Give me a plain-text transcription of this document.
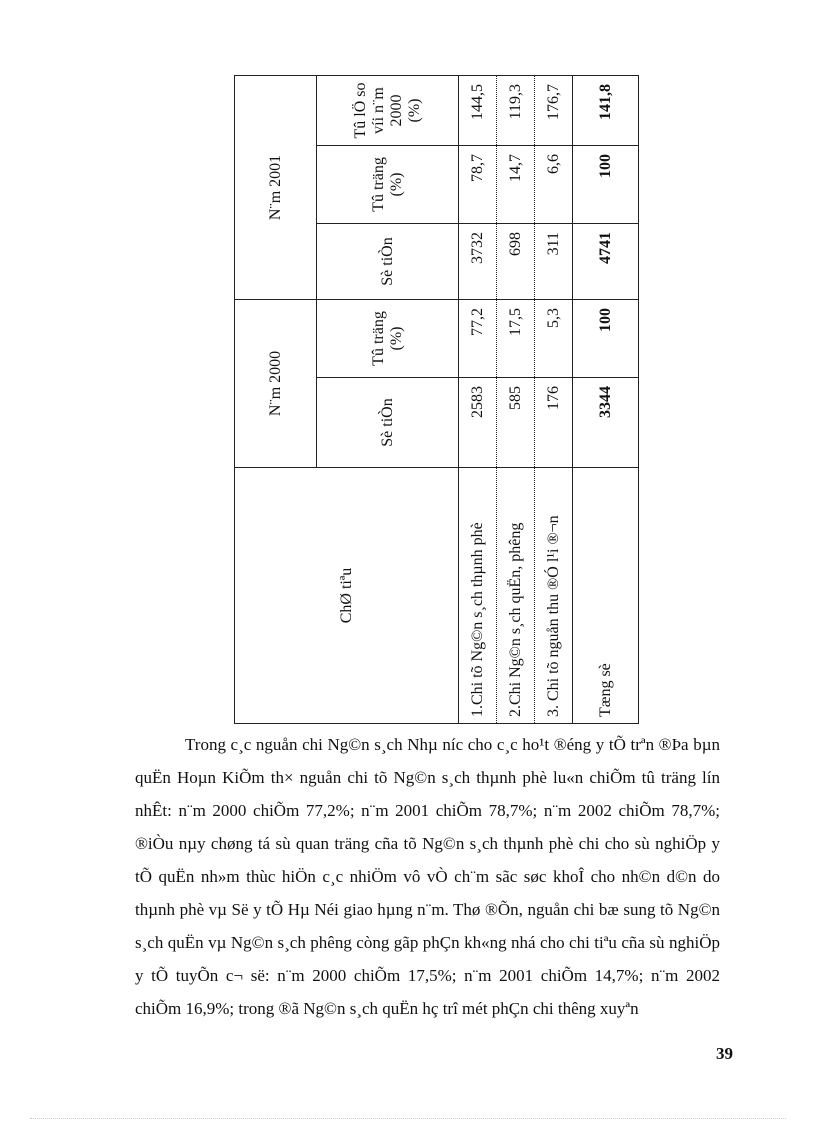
ChØ tiªu	N¨m 2000		N¨m 2001		
	Sè tiÒn	Tû träng (%)	Sè tiÒn	Tû träng (%)	Tû lÖ so víi n¨m 2000 (%)
1.Chi tõ Ng©n s¸ch thµnh phè	2583	77,2	3732	78,7	144,5
2.Chi Ng©n s¸ch quËn, phêng	585	17,5	698	14,7	119,3
3. Chi tõ nguån thu ®Ó l¹i ®¬n	176	5,3	311	6,6	176,7
Tæng sè	3344	100	4741	100	141,8

Trong c¸c nguån chi Ng©n s¸ch Nhµ níc cho c¸c ho¹t ®éng y tÕ trªn ®Þa bµn quËn Hoµn KiÕm th× nguån chi tõ Ng©n s¸ch thµnh phè lu«n chiÕm tû träng lín nhÊt: n¨m 2000 chiÕm 77,2%; n¨m 2001 chiÕm 78,7%; n¨m 2002 chiÕm 78,7%; ®iÒu nµy chøng tá sù quan träng cña tõ Ng©n s¸ch thµnh phè chi cho sù nghiÖp y tÕ quËn nh»m thùc hiÖn c¸c nhiÖm vô vÒ ch¨m sãc søc khoÎ cho nh©n d©n do thµnh phè vµ Së y tÕ Hµ Néi giao hµng n¨m. Thø ®Õn, nguån chi bæ sung tõ Ng©n s¸ch quËn vµ Ng©n s¸ch phêng còng gãp phÇn kh«ng nhá cho chi tiªu cña sù nghiÖp y tÕ tuyÕn c¬ së: n¨m 2000 chiÕm 17,5%; n¨m 2001 chiÕm 14,7%; n¨m 2002 chiÕm 16,9%; trong ®ã Ng©n s¸ch quËn hç trî mét phÇn chi thêng xuyªn

39
